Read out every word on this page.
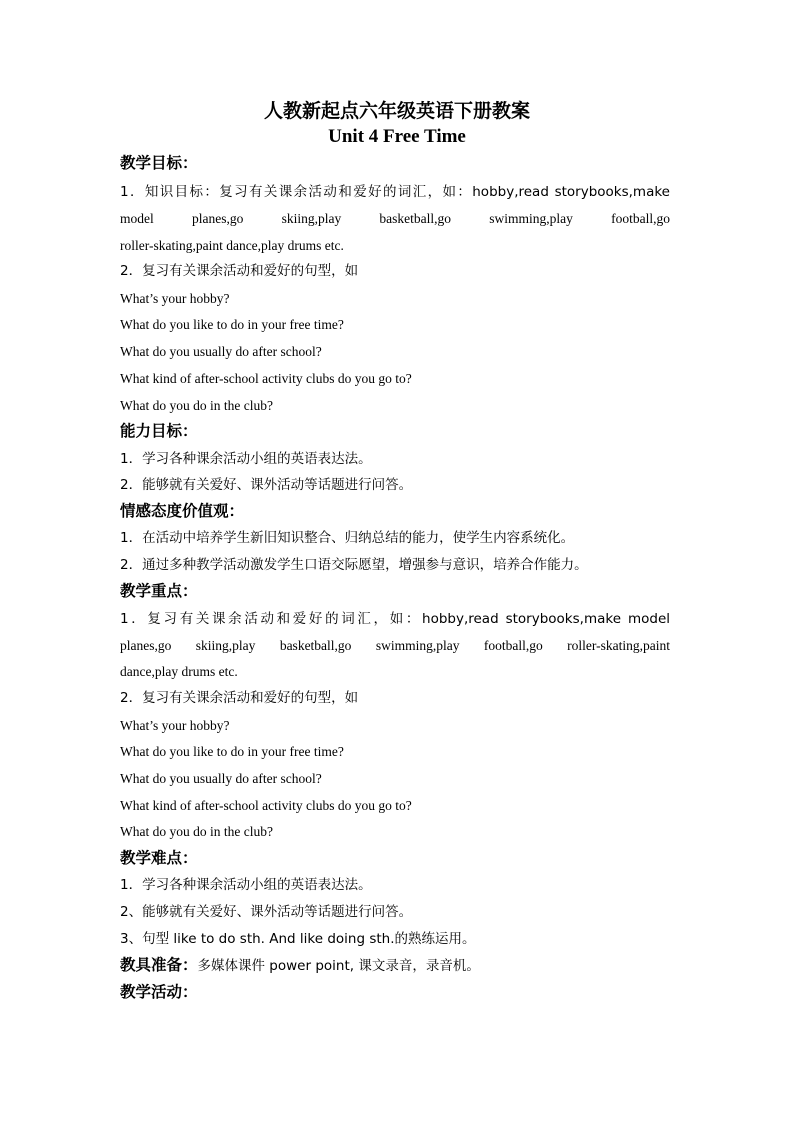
人教新起点六年级英语下册教案
Unit 4 Free Time
教学目标：
1．知识目标：复习有关课余活动和爱好的词汇，如：hobby,read storybooks,make
model planes,go skiing,play basketball,go swimming,play football,go
roller-skating,paint dance,play drums etc.
2．复习有关课余活动和爱好的句型，如
What’s your hobby?
What do you like to do in your free time?
What do you usually do after school?
What kind of after-school activity clubs do you go to?
What do you do in the club?
能力目标：
1．学习各种课余活动小组的英语表达法。
2．能够就有关爱好、课外活动等话题进行问答。
情感态度价值观：
1．在活动中培养学生新旧知识整合、归纳总结的能力，使学生内容系统化。
2．通过多种教学活动激发学生口语交际愿望，增强参与意识，培养合作能力。
教学重点：
1．复习有关课余活动和爱好的词汇，如：hobby,read storybooks,make model
planes,go skiing,play basketball,go swimming,play football,go roller-skating,paint
dance,play drums etc.
2．复习有关课余活动和爱好的句型，如
What’s your hobby?
What do you like to do in your free time?
What do you usually do after school?
What kind of after-school activity clubs do you go to?
What do you do in the club?
教学难点：
1．学习各种课余活动小组的英语表达法。
2、能够就有关爱好、课外活动等话题进行问答。
3、句型 like to do sth. And like doing sth.的熟练运用。
教具准备：多媒体课件 power point, 课文录音，录音机。
教学活动：
